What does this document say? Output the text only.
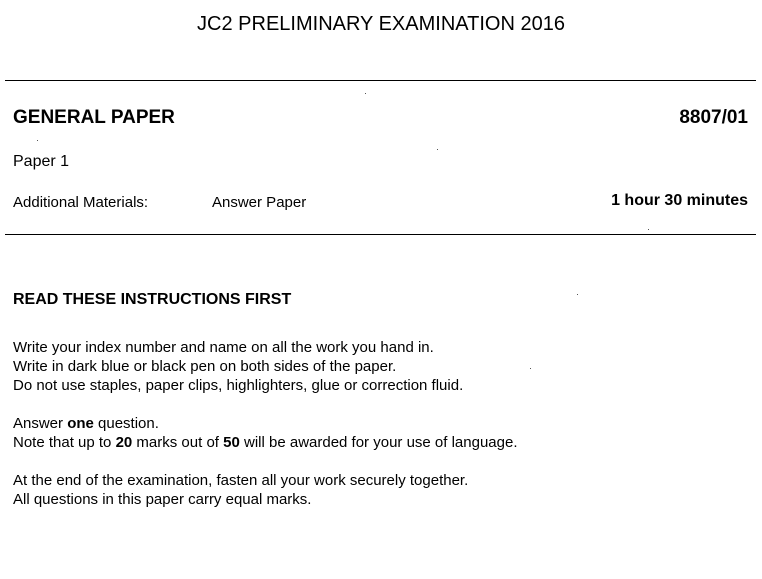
JC2 PRELIMINARY EXAMINATION 2016
GENERAL PAPER	8807/01
Paper 1
Additional Materials:	Answer Paper	1 hour 30 minutes
READ THESE INSTRUCTIONS FIRST
Write your index number and name on all the work you hand in.
Write in dark blue or black pen on both sides of the paper.
Do not use staples, paper clips, highlighters, glue or correction fluid.
Answer one question.
Note that up to 20 marks out of 50 will be awarded for your use of language.
At the end of the examination, fasten all your work securely together.
All questions in this paper carry equal marks.
